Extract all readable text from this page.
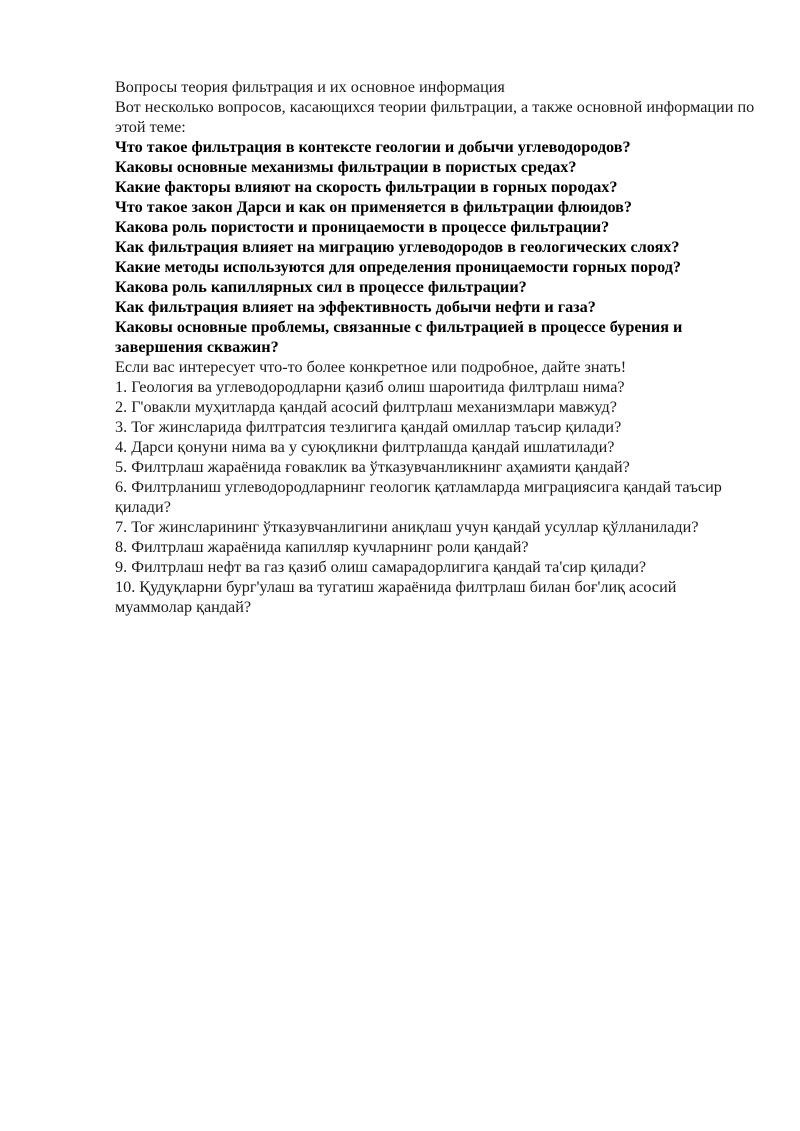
Вопросы теория фильтрация и их основное информация

Вот несколько вопросов, касающихся теории фильтрации, а также основной информации по этой теме:

Что такое фильтрация в контексте геологии и добычи углеводородов?

Каковы основные механизмы фильтрации в пористых средах?

Какие факторы влияют на скорость фильтрации в горных породах?

Что такое закон Дарси и как он применяется в фильтрации флюидов?

Какова роль пористости и проницаемости в процессе фильтрации?

Как фильтрация влияет на миграцию углеводородов в геологических слоях?

Какие методы используются для определения проницаемости горных пород?

Какова роль капиллярных сил в процессе фильтрации?

Как фильтрация влияет на эффективность добычи нефти и газа?

Каковы основные проблемы, связанные с фильтрацией в процессе бурения и завершения скважин?

Если вас интересует что-то более конкретное или подробное, дайте знать!

1. Геология ва углеводородларни қазиб олиш шароитида филтрлаш нима?

2. Г'овакли муҳитларда қандай асосий филтрлаш механизмлари мавжуд?

3. Тоғ жинсларида филтратсия тезлигига қандай омиллар таъсир қилади?

4. Дарси қонуни нима ва у суюқликни филтрлашда қандай ишлатилади?

5. Филтрлаш жараёнида ғоваклик ва ўтказувчанликнинг аҳамияти қандай?

6. Филтрланиш углеводородларнинг геологик қатламларда миграциясига қандай таъсир қилади?

7. Тоғ жинсларининг ўтказувчанлигини аниқлаш учун қандай усуллар қўлланилади?

8. Филтрлаш жараёнида капилляр кучларнинг роли қандай?

9. Филтрлаш нефт ва газ қазиб олиш самарадорлигига қандай та'сир қилади?

10. Қудуқларни бург'улаш ва тугатиш жараёнида филтрлаш билан боғ'лиқ асосий муаммолар қандай?
